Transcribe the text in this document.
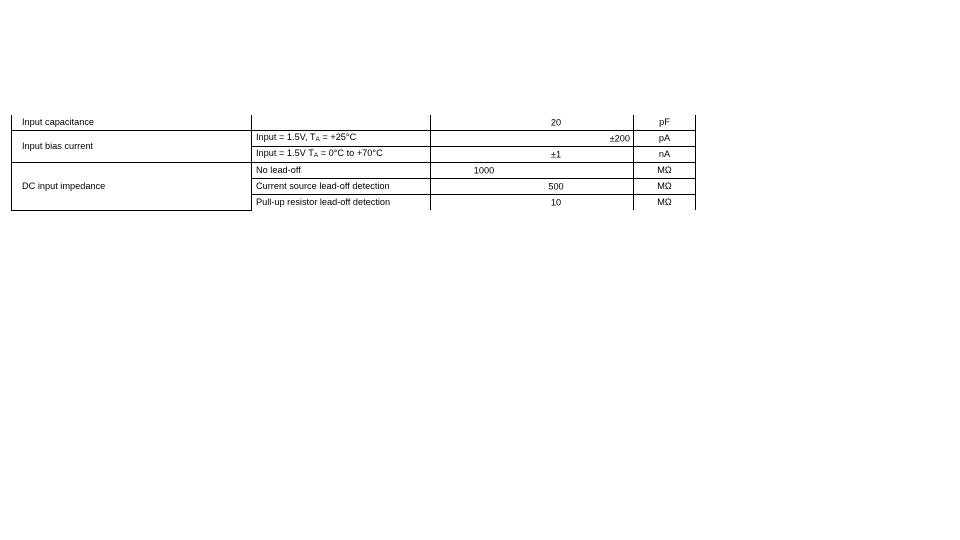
Input capacitance		20	pF
Input bias current	Input = 1.5V, $T_A = +25^\circ C$	±200	pA
	Input = 1.5V $T_A = 0^\circ C$ to +70°C	±1	nA
DC input impedance	No lead-off	1000	MΩ
	Current source lead-off detection	500	MΩ
	Pull-up resistor lead-off detection	10	MΩ
